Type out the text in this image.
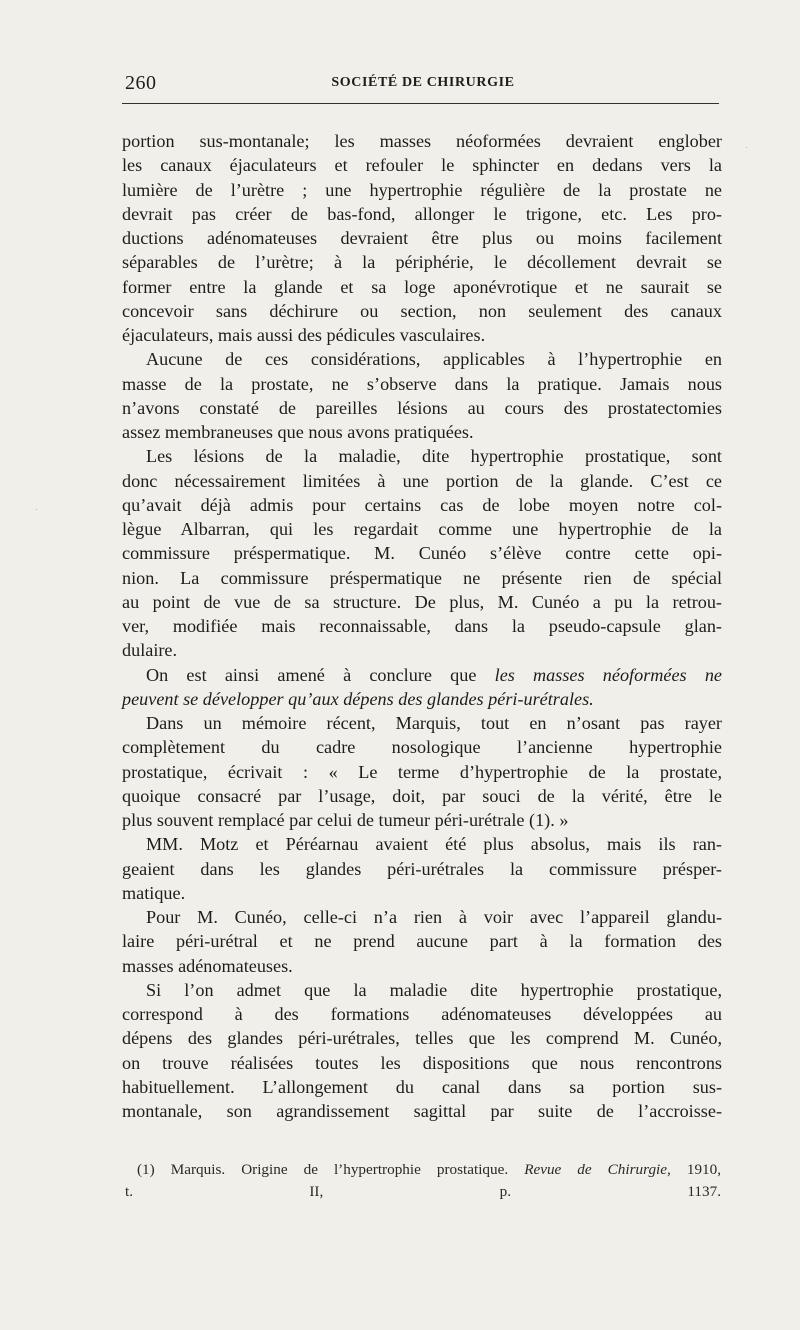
260	SOCIÉTÉ DE CHIRURGIE
portion sus-montanale; les masses néoformées devraient englober
les canaux éjaculateurs et refouler le sphincter en dedans vers la
lumière de l’urètre ; une hypertrophie régulière de la prostate ne
devrait pas créer de bas-fond, allonger le trigone, etc. Les pro-
ductions adénomateuses devraient être plus ou moins facilement
séparables de l’urètre; à la périphérie, le décollement devrait se
former entre la glande et sa loge aponévrotique et ne saurait se
concevoir sans déchirure ou section, non seulement des canaux
éjaculateurs, mais aussi des pédicules vasculaires.
Aucune de ces considérations, applicables à l’hypertrophie en
masse de la prostate, ne s’observe dans la pratique. Jamais nous
n’avons constaté de pareilles lésions au cours des prostatectomies
assez membraneuses que nous avons pratiquées.
Les lésions de la maladie, dite hypertrophie prostatique, sont
donc nécessairement limitées à une portion de la glande. C’est ce
qu’avait déjà admis pour certains cas de lobe moyen notre col-
lègue Albarran, qui les regardait comme une hypertrophie de la
commissure préspermatique. M. Cunéo s’élève contre cette opi-
nion. La commissure préspermatique ne présente rien de spécial
au point de vue de sa structure. De plus, M. Cunéo a pu la retrou-
ver, modifiée mais reconnaissable, dans la pseudo-capsule glan-
dulaire.
On est ainsi amené à conclure que les masses néoformées ne
peuvent se développer qu’aux dépens des glandes péri-urétrales.
Dans un mémoire récent, Marquis, tout en n’osant pas rayer
complètement du cadre nosologique l’ancienne hypertrophie
prostatique, écrivait : « Le terme d’hypertrophie de la prostate,
quoique consacré par l’usage, doit, par souci de la vérité, être le
plus souvent remplacé par celui de tumeur péri-urétrale (1). »
MM. Motz et Péréarnau avaient été plus absolus, mais ils ran-
geaient dans les glandes péri-urétrales la commissure présper-
matique.
Pour M. Cunéo, celle-ci n’a rien à voir avec l’appareil glandu-
laire péri-urétral et ne prend aucune part à la formation des
masses adénomateuses.
Si l’on admet que la maladie dite hypertrophie prostatique,
correspond à des formations adénomateuses développées au
dépens des glandes péri-urétrales, telles que les comprend M. Cunéo,
on trouve réalisées toutes les dispositions que nous rencontrons
habituellement. L’allongement du canal dans sa portion sus-
montanale, son agrandissement sagittal par suite de l’accroisse-
(1) Marquis. Origine de l’hypertrophie prostatique. Revue de Chirurgie, 1910,
t. II, p. 1137.
